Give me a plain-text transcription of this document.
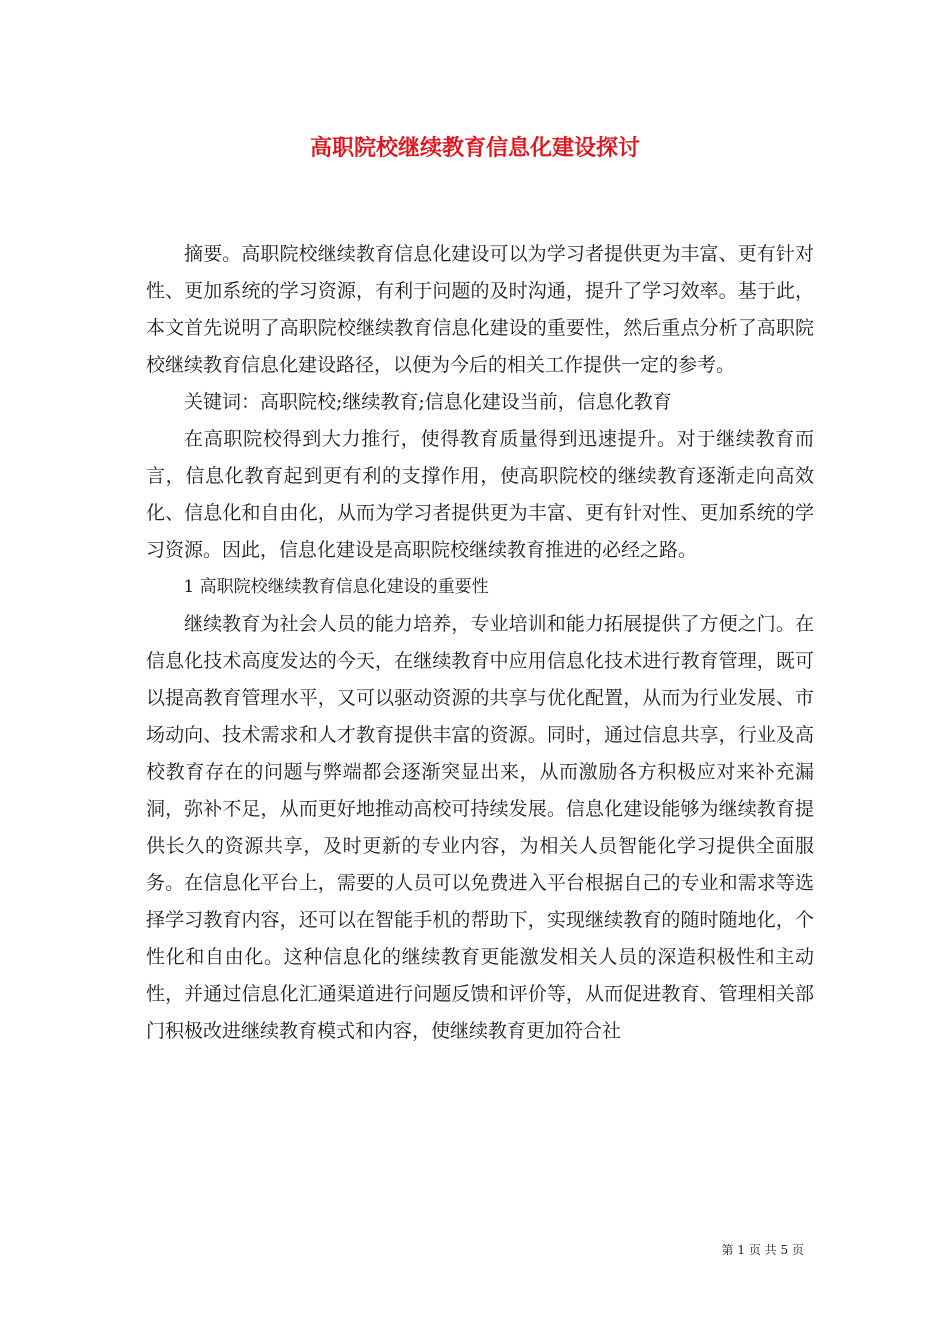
高职院校继续教育信息化建设探讨

摘要。高职院校继续教育信息化建设可以为学习者提供更为丰富、更有针对性、更加系统的学习资源，有利于问题的及时沟通，提升了学习效率。基于此，本文首先说明了高职院校继续教育信息化建设的重要性，然后重点分析了高职院校继续教育信息化建设路径，以便为今后的相关工作提供一定的参考。

关键词：高职院校;继续教育;信息化建设当前，信息化教育

在高职院校得到大力推行，使得教育质量得到迅速提升。对于继续教育而言，信息化教育起到更有利的支撑作用，使高职院校的继续教育逐渐走向高效化、信息化和自由化，从而为学习者提供更为丰富、更有针对性、更加系统的学习资源。因此，信息化建设是高职院校继续教育推进的必经之路。

1 高职院校继续教育信息化建设的重要性

继续教育为社会人员的能力培养，专业培训和能力拓展提供了方便之门。在信息化技术高度发达的今天，在继续教育中应用信息化技术进行教育管理，既可以提高教育管理水平，又可以驱动资源的共享与优化配置，从而为行业发展、市场动向、技术需求和人才教育提供丰富的资源。同时，通过信息共享，行业及高校教育存在的问题与弊端都会逐渐突显出来，从而激励各方积极应对来补充漏洞，弥补不足，从而更好地推动高校可持续发展。信息化建设能够为继续教育提供长久的资源共享，及时更新的专业内容，为相关人员智能化学习提供全面服务。在信息化平台上，需要的人员可以免费进入平台根据自己的专业和需求等选择学习教育内容，还可以在智能手机的帮助下，实现继续教育的随时随地化，个性化和自由化。这种信息化的继续教育更能激发相关人员的深造积极性和主动性，并通过信息化汇通渠道进行问题反馈和评价等，从而促进教育、管理相关部门积极改进继续教育模式和内容，使继续教育更加符合社

第 1 页 共 5 页
